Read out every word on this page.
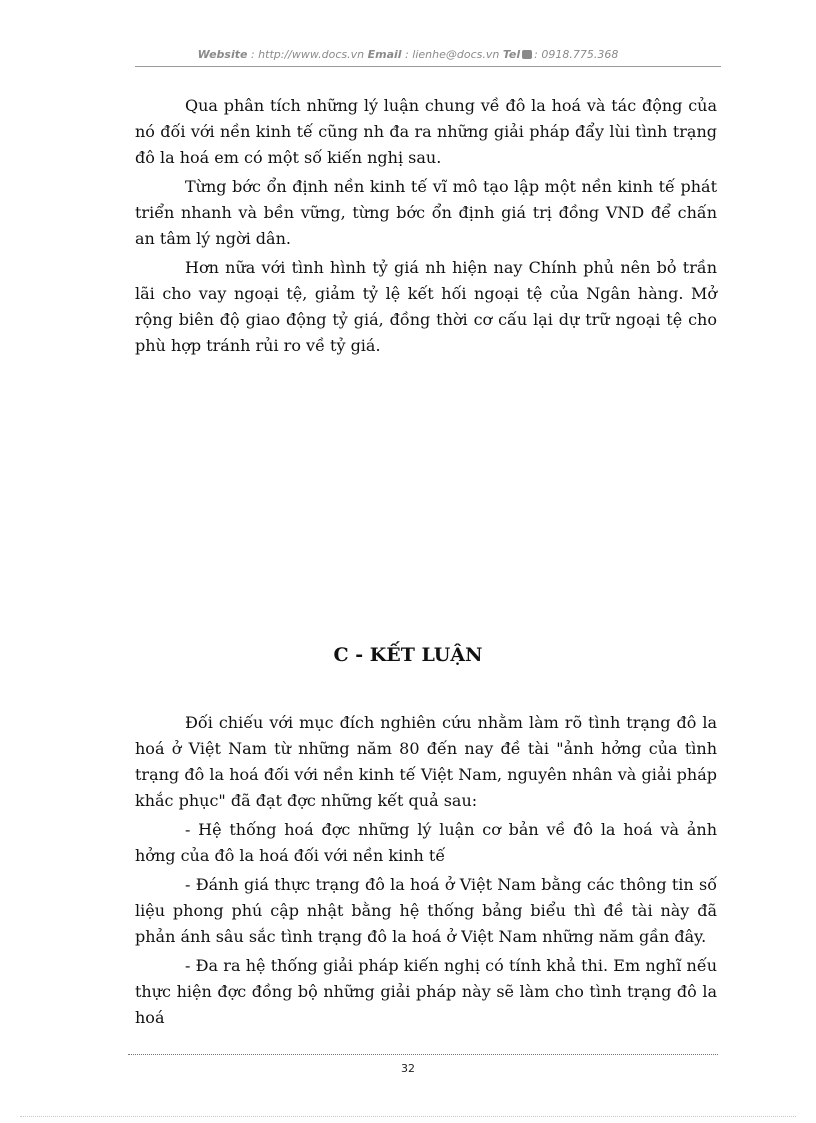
Website : http://www.docs.vn Email : lienhe@docs.vn Tel : 0918.775.368

Qua phân tích những lý luận chung về đô la hoá và tác động của nó đối với nền kinh tế cũng nh đa ra những giải pháp đẩy lùi tình trạng đô la hoá em có một số kiến nghị sau.

Từng bớc ổn định nền kinh tế vĩ mô tạo lập một nền kinh tế phát triển nhanh và bền vững, từng bớc ổn định giá trị đồng VND để chấn an tâm lý ngời dân.

Hơn nữa với tình hình tỷ giá nh hiện nay Chính phủ nên bỏ trần lãi cho vay ngoại tệ, giảm tỷ lệ kết hối ngoại tệ của Ngân hàng. Mở rộng biên độ giao động tỷ giá, đồng thời cơ cấu lại dự trữ ngoại tệ cho phù hợp tránh rủi ro về tỷ giá.

C - KẾT LUẬN

Đối chiếu với mục đích nghiên cứu nhằm làm rõ tình trạng đô la hoá ở Việt Nam từ những năm 80 đến nay đề tài "ảnh hởng của tình trạng đô la hoá đối với nền kinh tế Việt Nam, nguyên nhân và giải pháp khắc phục" đã đạt đợc những kết quả sau:

- Hệ thống hoá đợc những lý luận cơ bản về đô la hoá và ảnh hởng của đô la hoá đối với nền kinh tế

- Đánh giá thực trạng đô la hoá ở Việt Nam bằng các thông tin số liệu phong phú cập nhật bằng hệ thống bảng biểu thì đề tài này đã phản ánh sâu sắc tình trạng đô la hoá ở Việt Nam những năm gần đây.

- Đa ra hệ thống giải pháp kiến nghị có tính khả thi. Em nghĩ nếu thực hiện đợc đồng bộ những giải pháp này sẽ làm cho tình trạng đô la hoá

32
